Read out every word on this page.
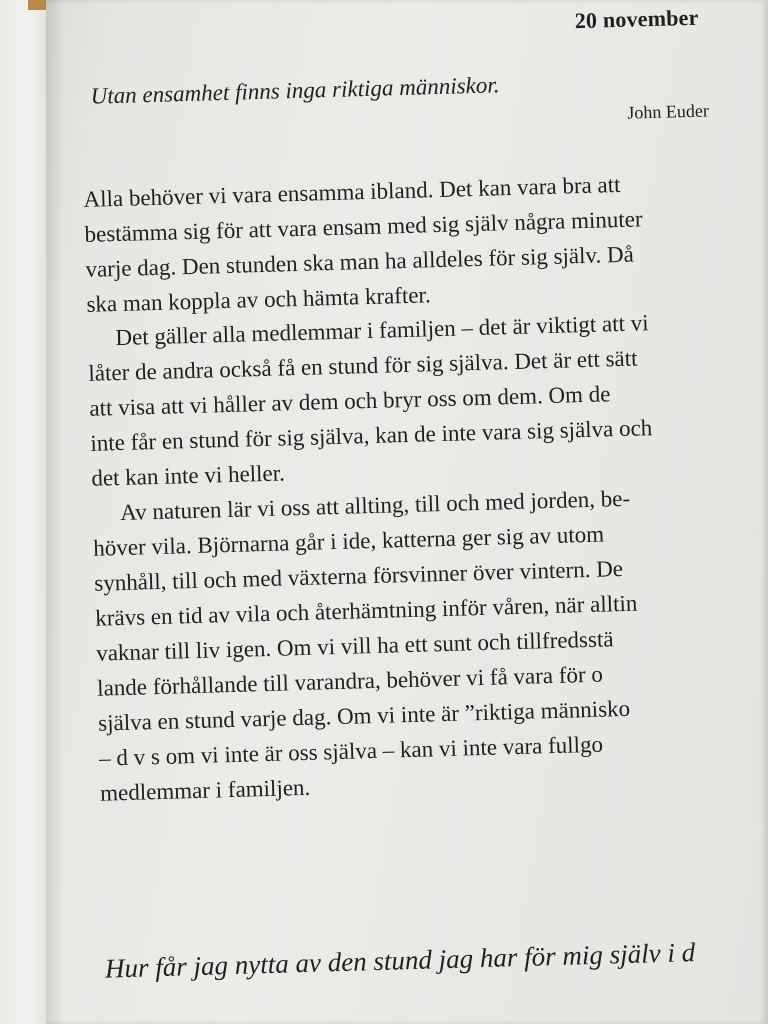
20 november
Utan ensamhet finns inga riktiga människor.
John Euder
Alla behöver vi vara ensamma ibland. Det kan vara bra att
bestämma sig för att vara ensam med sig själv några minuter
varje dag. Den stunden ska man ha alldeles för sig själv. Då
ska man koppla av och hämta krafter.
Det gäller alla medlemmar i familjen – det är viktigt att vi
låter de andra också få en stund för sig själva. Det är ett sätt
att visa att vi håller av dem och bryr oss om dem. Om de
inte får en stund för sig själva, kan de inte vara sig själva och
det kan inte vi heller.
Av naturen lär vi oss att allting, till och med jorden, be-
höver vila. Björnarna går i ide, katterna ger sig av utom
synhåll, till och med växterna försvinner över vintern. De
krävs en tid av vila och återhämtning inför våren, när alltin
vaknar till liv igen. Om vi vill ha ett sunt och tillfredsstä
lande förhållande till varandra, behöver vi få vara för o
själva en stund varje dag. Om vi inte är ”riktiga människo
– d v s om vi inte är oss själva – kan vi inte vara fullgo
medlemmar i familjen.
Hur får jag nytta av den stund jag har för mig själv i d
